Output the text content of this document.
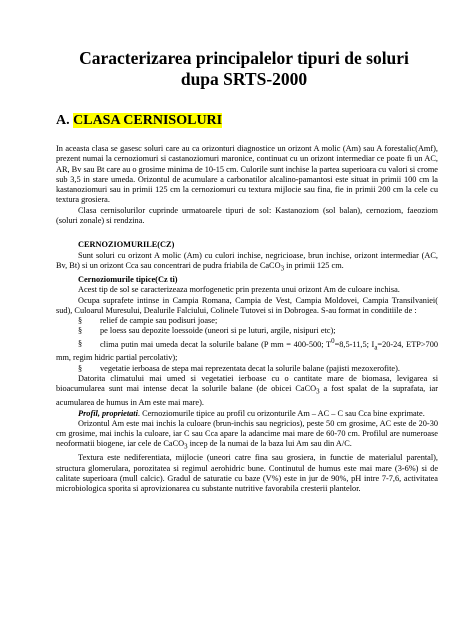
Caracterizarea principalelor tipuri de soluri
dupa SRTS-2000
A. CLASA CERNISOLURI

In aceasta clasa se gasesc soluri care au ca orizonturi diagnostice un orizont A molic (Am) sau A forestalic(Amf), prezent numai la cernoziomuri si castanoziomuri maronice, continuat cu un orizont intermediar ce poate fi un AC, AR, Bv sau Bt care au o grosime minima de 10-15 cm. Culorile sunt inchise la partea superioara cu valori si crome sub 3,5 in stare umeda. Orizontul de acumulare a carbonatilor alcalino-pamantosi este situat in primii 100 cm la kastanoziomuri sau in primii 125 cm la cernoziomuri cu textura mijlocie sau fina, fie in primii 200 cm la cele cu textura grosiera.

Clasa cernisolurilor cuprinde urmatoarele tipuri de sol: Kastanoziom (sol balan), cernoziom, faeoziom (soluri zonale) si rendzina.

CERNOZIOMURILE(CZ)

Sunt soluri cu orizont A molic (Am) cu culori inchise, negricioase, brun inchise, orizont intermediar (AC, Bv, Bt) si un orizont Cca sau concentrari de pudra friabila de CaCO$_3$ in primii 125 cm.

Cernoziomurile tipice(Cz ti)

Acest tip de sol se caracterizeaza morfogenetic prin prezenta unui orizont Am de culoare inchisa.

Ocupa suprafete intinse in Campia Romana, Campia de Vest, Campia Moldovei, Campia Transilvaniei( sud), Culoarul Muresului, Dealurile Falciului, Colinele Tutovei si in Dobrogea. S-au format in conditiile de :

§ relief de campie sau podisuri joase;

§ pe loess sau depozite loessoide (uneori si pe luturi, argile, nisipuri etc);

§ clima putin mai umeda decat la solurile balane (P mm = 400-500; $T^0=8,5-11,5$; $I_a=20-24$, ETP>700 mm, regim hidric partial percolativ);

§ vegetatie ierboasa de stepa mai reprezentata decat la solurile balane (pajisti mezoxerofite).

Datorita climatului mai umed si vegetatiei ierboase cu o cantitate mare de biomasa, levigarea si bioacumularea sunt mai intense decat la solurile balane (de obicei CaCO$_3$ a fost spalat de la suprafata, iar acumularea de humus in Am este mai mare).

Profil, proprietati. Cernoziomurile tipice au profil cu orizonturile Am – AC – C sau Cca bine exprimate.

Orizontul Am este mai inchis la culoare (brun-inchis sau negricios), peste 50 cm grosime, AC este de 20-30 cm grosime, mai inchis la culoare, iar C sau Cca apare la adancime mai mare de 60-70 cm. Profilul are numeroase neoformatii biogene, iar cele de CaCO$_3$ incep de la numai de la baza lui Am sau din A/C.

Textura este nediferentiata, mijlocie (uneori catre fina sau grosiera, in functie de materialul parental), structura glomerulara, porozitatea si regimul aerohidric bune. Continutul de humus este mai mare (3-6%) si de calitate superioara (mull calcic). Gradul de saturatie cu baze (V%) este in jur de 90%, pH intre 7-7,6, activitatea microbiologica sporita si aprovizionarea cu substante nutritive favorabila cresterii plantelor.
